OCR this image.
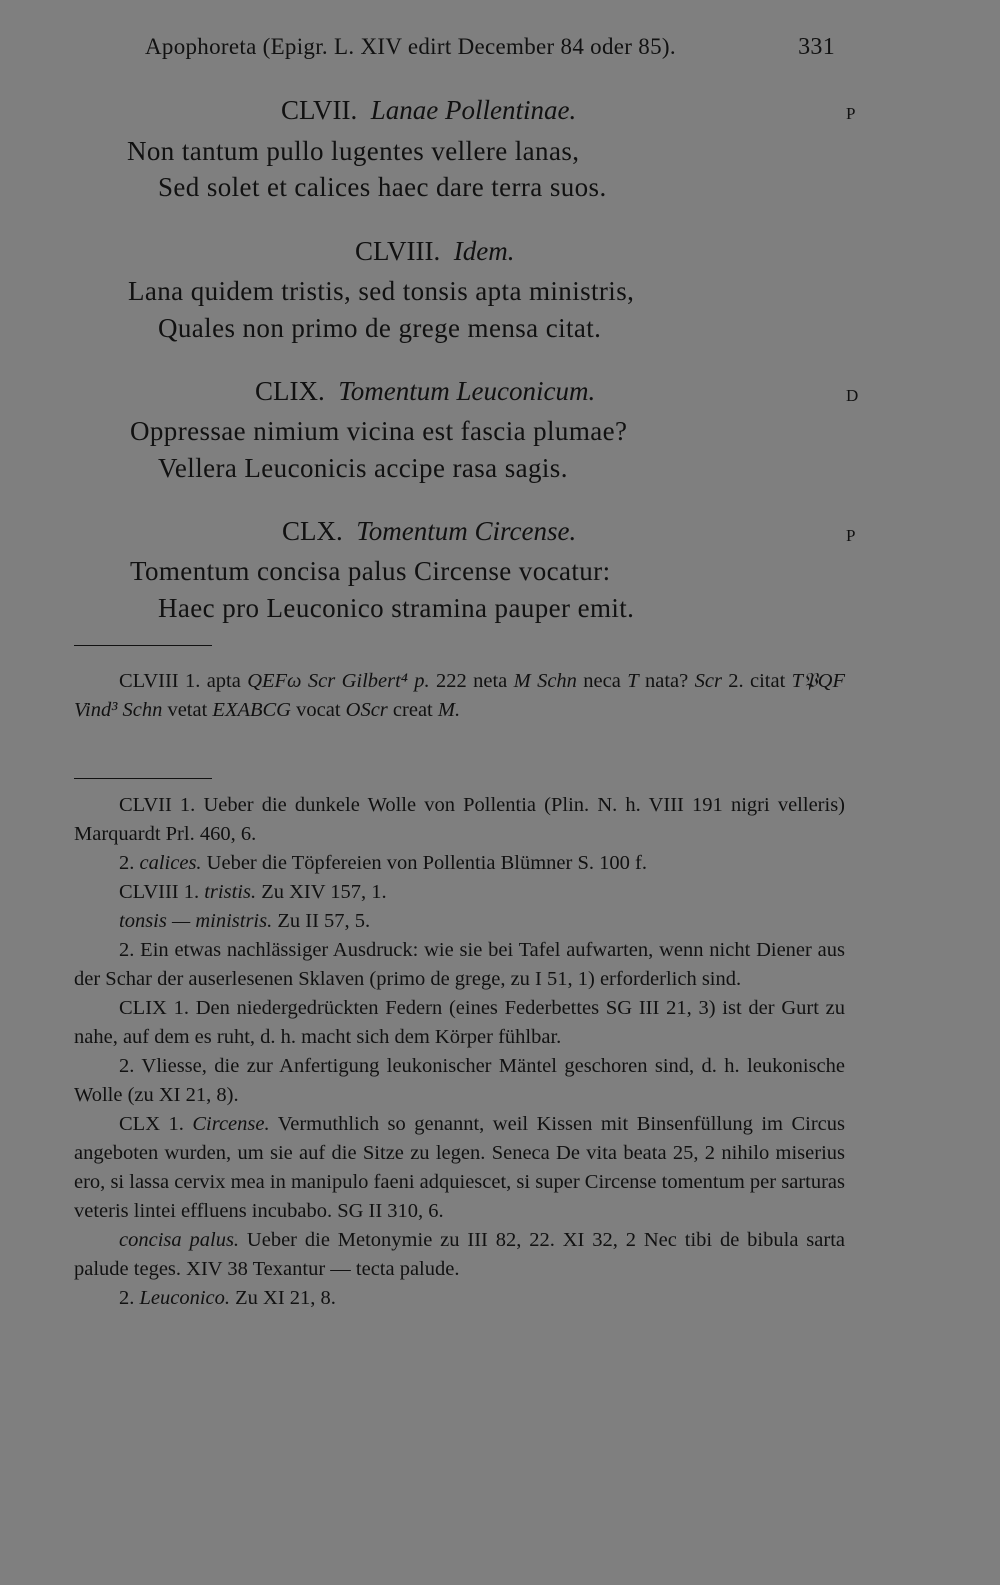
Apophoreta (Epigr. L. XIV edirt December 84 oder 85).	331
CLVII. Lanae Pollentinae.	P
Non tantum pullo lugentes vellere lanas,
Sed solet et calices haec dare terra suos.
CLVIII. Idem.
Lana quidem tristis, sed tonsis apta ministris,
Quales non primo de grege mensa citat.
CLIX. Tomentum Leuconicum.	D
Oppressae nimium vicina est fascia plumae?
Vellera Leuconicis accipe rasa sagis.
CLX. Tomentum Circense.	P
Tomentum concisa palus Circense vocatur:
Haec pro Leuconico stramina pauper emit.

CLVIII 1. apta QEFω Scr Gilbert⁴ p. 222 neta M Schn neca T nata? Scr 2. citat T𝔓QF Vind³ Schn vetat EXABCG vocat OScr creat M.

CLVII 1. Ueber die dunkele Wolle von Pollentia (Plin. N. h. VIII 191 nigri velleris) Marquardt Prl. 460, 6.

2. calices. Ueber die Töpfereien von Pollentia Blümner S. 100 f.

CLVIII 1. tristis. Zu XIV 157, 1.

tonsis — ministris. Zu II 57, 5.

2. Ein etwas nachlässiger Ausdruck: wie sie bei Tafel aufwarten, wenn nicht Diener aus der Schar der auserlesenen Sklaven (primo de grege, zu I 51, 1) erforderlich sind.

CLIX 1. Den niedergedrückten Federn (eines Federbettes SG III 21, 3) ist der Gurt zu nahe, auf dem es ruht, d. h. macht sich dem Körper fühlbar.

2. Vliesse, die zur Anfertigung leukonischer Mäntel geschoren sind, d. h. leukonische Wolle (zu XI 21, 8).

CLX 1. Circense. Vermuthlich so genannt, weil Kissen mit Binsenfüllung im Circus angeboten wurden, um sie auf die Sitze zu legen. Seneca De vita beata 25, 2 nihilo miserius ero, si lassa cervix mea in manipulo faeni adquiescet, si super Circense tomentum per sarturas veteris lintei effluens incubabo. SG II 310, 6.

concisa palus. Ueber die Metonymie zu III 82, 22. XI 32, 2 Nec tibi de bibula sarta palude teges. XIV 38 Texantur — tecta palude.

2. Leuconico. Zu XI 21, 8.
